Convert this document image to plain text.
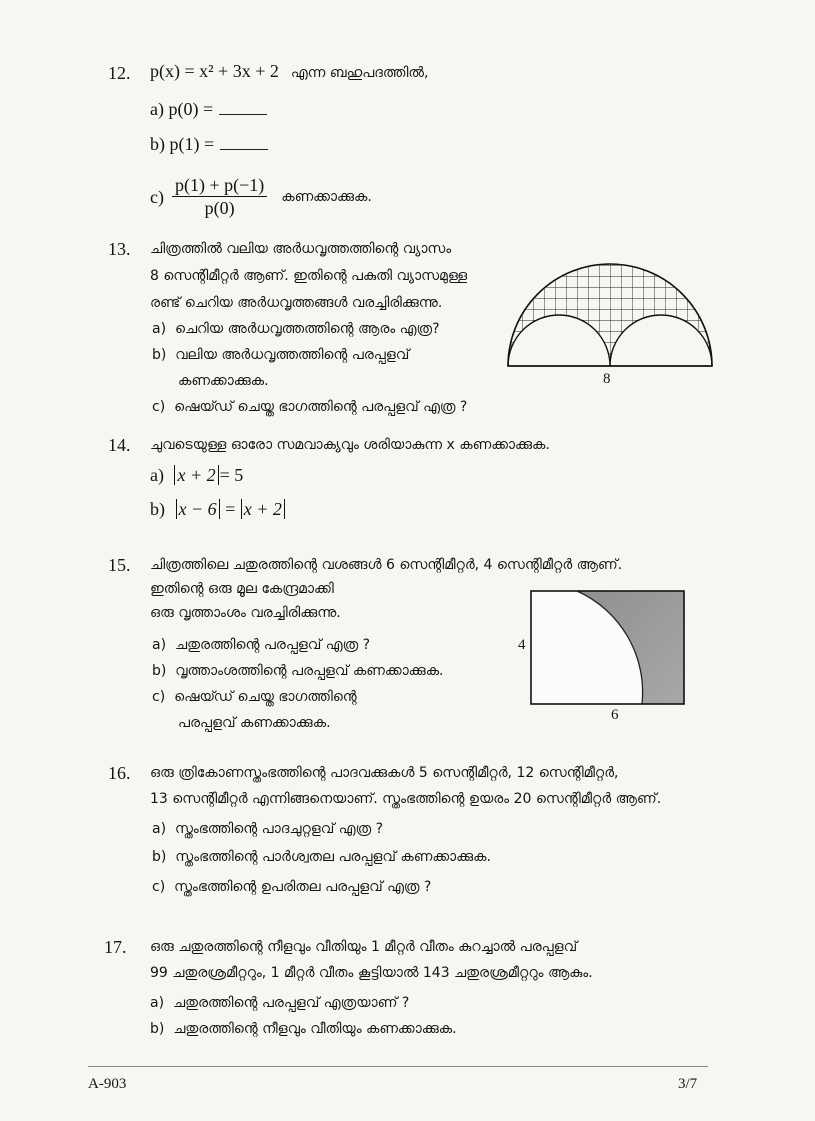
12. p(x) = x² + 3x + 2 എന്ന ബഹുപദത്തിൽ,
a) p(0) =
b) p(1) =
$c) \frac{p(1) + p(-1)}{p(0)}$ കണക്കാക്കുക.
13. ചിത്രത്തിൽ വലിയ അർധവൃത്തത്തിന്റെ വ്യാസം
8 സെന്റിമീറ്റർ ആണ്. ഇതിന്റെ പകുതി വ്യാസമുള്ള
രണ്ട് ചെറിയ അർധവൃത്തങ്ങൾ വരച്ചിരിക്കുന്നു.
a) ചെറിയ അർധവൃത്തത്തിന്റെ ആരം എത്ര?
b) വലിയ അർധവൃത്തത്തിന്റെ പരപ്പളവ്
കണക്കാക്കുക.
c) ഷെയ്ഡ് ചെയ്ത ഭാഗത്തിന്റെ പരപ്പളവ് എത്ര ?
8
14. ചുവടെയുള്ള ഓരോ സമവാക്യവും ശരിയാകുന്ന x കണക്കാക്കുക.
a) x + 2 = 5
b) x − 6 = x + 2
15. ചിത്രത്തിലെ ചതുരത്തിന്റെ വശങ്ങൾ 6 സെന്റിമീറ്റർ, 4 സെന്റിമീറ്റർ ആണ്.
ഇതിന്റെ ഒരു മൂല കേന്ദ്രമാക്കി
ഒരു വൃത്താംശം വരച്ചിരിക്കുന്നു.
a) ചതുരത്തിന്റെ പരപ്പളവ് എത്ര ?
b) വൃത്താംശത്തിന്റെ പരപ്പളവ് കണക്കാക്കുക.
c) ഷെയ്ഡ് ചെയ്ത ഭാഗത്തിന്റെ
പരപ്പളവ് കണക്കാക്കുക.
4
6
16. ഒരു ത്രികോണസ്തംഭത്തിന്റെ പാദവക്കുകൾ 5 സെന്റിമീറ്റർ, 12 സെന്റിമീറ്റർ,
13 സെന്റിമീറ്റർ എന്നിങ്ങനെയാണ്. സ്തംഭത്തിന്റെ ഉയരം 20 സെന്റിമീറ്റർ ആണ്.
a) സ്തംഭത്തിന്റെ പാദചുറ്റളവ് എത്ര ?
b) സ്തംഭത്തിന്റെ പാർശ്വതല പരപ്പളവ് കണക്കാക്കുക.
c) സ്തംഭത്തിന്റെ ഉപരിതല പരപ്പളവ് എത്ര ?
17. ഒരു ചതുരത്തിന്റെ നീളവും വീതിയും 1 മീറ്റർ വീതം കുറച്ചാൽ പരപ്പളവ്
99 ചതുരശ്രമീറ്ററും, 1 മീറ്റർ വീതം കൂട്ടിയാൽ 143 ചതുരശ്രമീറ്ററും ആകും.
a) ചതുരത്തിന്റെ പരപ്പളവ് എത്രയാണ് ?
b) ചതുരത്തിന്റെ നീളവും വീതിയും കണക്കാക്കുക.
A-903	3/7
